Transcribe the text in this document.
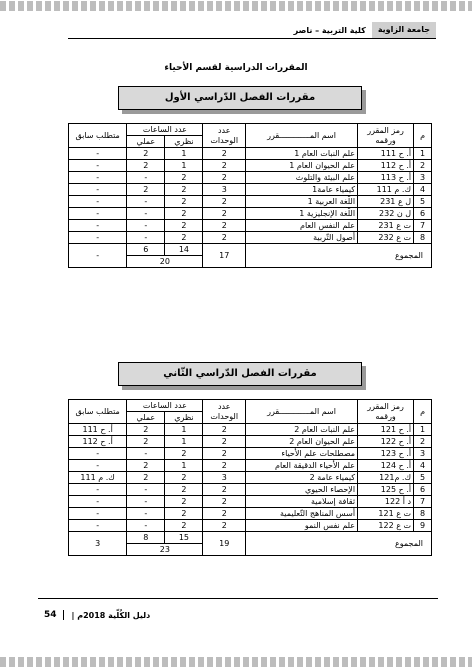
جامعة الزاوية
كلية التربية – ناصر
المقررات الدراسية لقسم الأحياء
مقررات الفصل الدّراسي الأول
م	رمز المقرر ورقمه	اسم المـــــــــــــقرر	عدد الوحدات	عدد الساعات		متطلب سابق
				نظري	عملي	
1	أ. ح 111	علم النبات العام 1	2	1	2	-
2	أ. ح 112	علم الحيوان العام 1	2	1	2	-
3	أ. ح 113	علم البيئة والتلوث	2	2	-	-
4	ك. م 111	كيمياء عامة1	3	2	2	-
5	ل ع 231	اللّغة العربية 1	2	2	-	-
6	ل ن 232	اللّغة الإنجليزية 1	2	2	-	-
7	ت ع 231	علم النفس العام	2	2	-	-
8	ت ع 232	أصول التّربية	2	2	-	-
المجموع			17	14	6	-
				20		
مقررات الفصل الدّراسي الثّاني
م	رمز المقرر ورقمه	اسم المـــــــــــــقرر	عدد الوحدات	عدد الساعات		متطلب سابق
				نظري	عملي	
1	أ. ح 121	علم النبات العام 2	2	1	2	أ. ح 111
2	أ. ح 122	علم الحيوان العام 2	2	1	2	أ. ح 112
3	أ. ح 123	مصطلحات علم الأحياء	2	2	-	-
4	أ. ح 124	علم الأحياء الدقيقة العام	2	1	2	-
5	ك. م121	كيمياء عامة 2	3	2	2	ك. م 111
6	أ. ح 125	الإحصاء الحيوي	2	2	-	-
7	د أ 122	ثقافة إسلامية	2	2	-	-
8	ت ع 121	أسس المناهج التّعليمية	2	2	-	-
9	ت ع 122	علم نفس النمو	2	2	-	-
المجموع			19	15	8	3
				23		
54	دليل الكُلّية 2018م |
